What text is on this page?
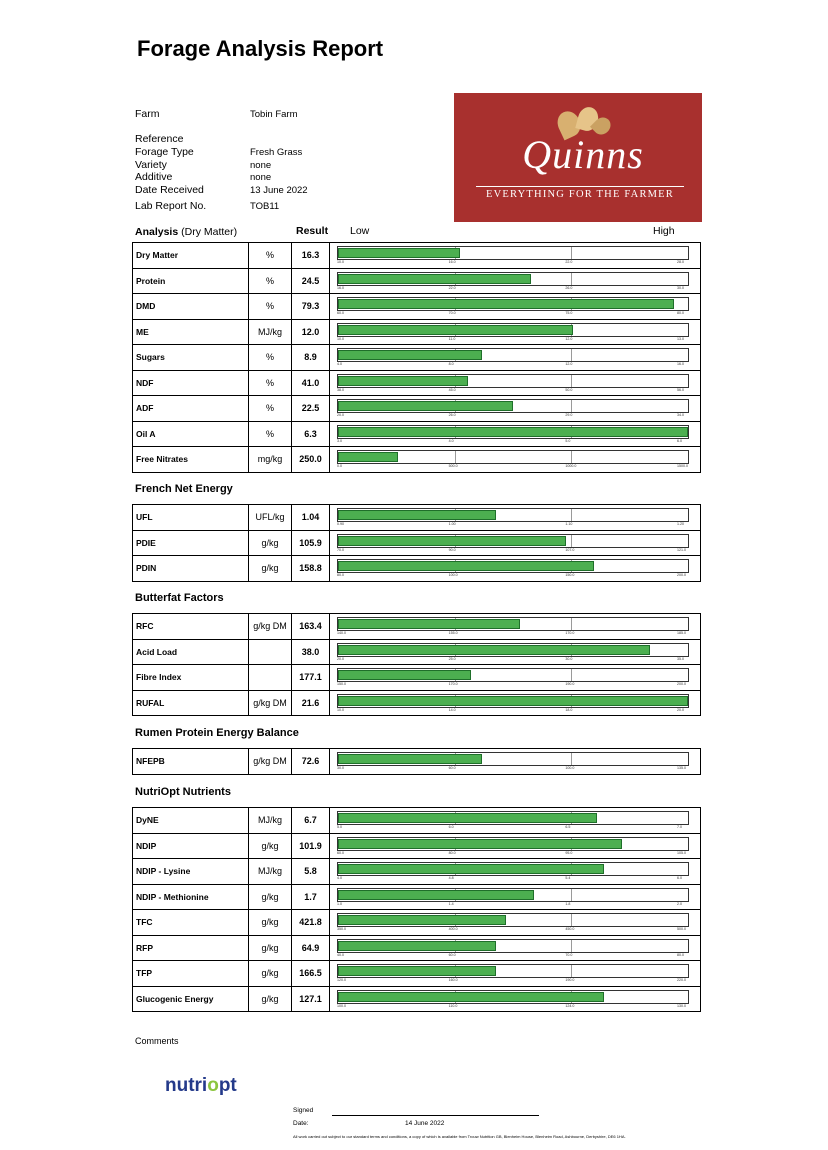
Forage Analysis Report
Farm	Tobin Farm
Reference
Forage Type	Fresh Grass
Variety	none
Additive	none
Date Received	13 June 2022
Lab Report No.	TOB11
Quinns
EVERYTHING FOR THE FARMER
Analysis (Dry Matter)	Result Low	High
Dry Matter	%	16.3
10.0	16.0	22.0	28.0
Protein	%	24.5
16.0	22.0	26.0	30.0
DMD	%	79.3
60.0	70.0	75.0	80.0
ME	MJ/kg	12.0
10.0	11.0	12.0	13.0
Sugars	%	8.9
4.0	8.0	12.0	16.0
NDF	%	41.0
38.0	45.0	50.0	56.0
ADF	%	22.5
20.0	26.0	29.0	34.0
Oil A	%	6.3
3.0	4.0	5.0	6.0
Free Nitrates	mg/kg	250.0
0.0	500.0	1000.0	1500.0
French Net Energy
UFL	UFL/kg	1.04
0.90	1.00	1.10	1.20
PDIE	g/kg	105.9
70.0	90.0	107.0	121.0
PDIN	g/kg	158.8
80.0	100.0	150.0	200.0
Butterfat Factors
RFC	g/kg DM	163.4
140.0	155.0	170.0	185.0
Acid Load	38.0
20.0	25.0	30.0	35.0
Fibre Index	177.1
150.0	170.0	190.0	200.0
RUFAL	g/kg DM	21.6
10.0	14.0	18.0	20.0
Rumen Protein Energy Balance
NFEPB	g/kg DM	72.6
30.0	60.0	100.0	135.0
NutriOpt Nutrients
DyNE	MJ/kg	6.7
5.0	6.0	6.5	7.0
NDIP	g/kg	101.9
60.0	80.0	95.0	105.0
NDIP - Lysine	MJ/kg	5.8
4.0	4.8	5.4	6.0
NDIP - Methionine	g/kg	1.7
1.0	1.4	1.8	2.0
TFC	g/kg	421.8
350.0	400.0	450.0	500.0
RFP	g/kg	64.9
40.0	60.0	70.0	80.0
TFP	g/kg	166.5
120.0	160.0	190.0	220.0
Glucogenic Energy	g/kg	127.1
100.0	110.0	124.0	130.0
Comments
nutriopt
Signed
Date:	14 June 2022
All work carried out subject to our standard terms and conditions, a copy of which is available from Trouw Nutrition GB, Blenheim House, Blenheim Road, Ashbourne, Derbyshire, DE6 1HA.
